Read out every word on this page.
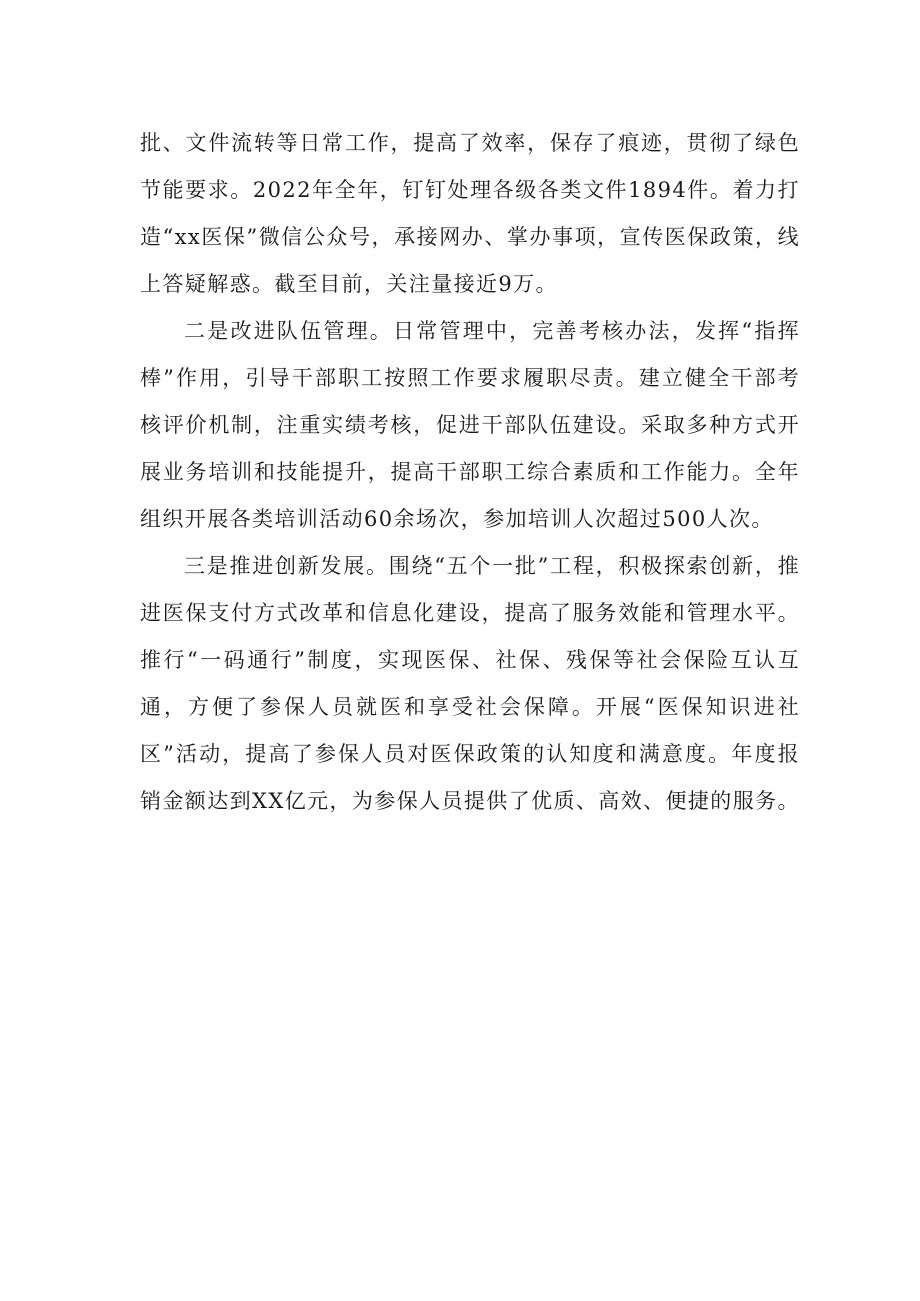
批、文件流转等日常工作，提高了效率，保存了痕迹，贯彻了绿色节能要求。2022年全年，钉钉处理各级各类文件1894件。着力打造“xx医保”微信公众号，承接网办、掌办事项，宣传医保政策，线上答疑解惑。截至目前，关注量接近9万。

二是改进队伍管理。日常管理中，完善考核办法，发挥“指挥棒”作用，引导干部职工按照工作要求履职尽责。建立健全干部考核评价机制，注重实绩考核，促进干部队伍建设。采取多种方式开展业务培训和技能提升，提高干部职工综合素质和工作能力。全年组织开展各类培训活动60余场次，参加培训人次超过500人次。

三是推进创新发展。围绕“五个一批”工程，积极探索创新，推进医保支付方式改革和信息化建设，提高了服务效能和管理水平。推行“一码通行”制度，实现医保、社保、残保等社会保险互认互通，方便了参保人员就医和享受社会保障。开展“医保知识进社区”活动，提高了参保人员对医保政策的认知度和满意度。年度报销金额达到XX亿元，为参保人员提供了优质、高效、便捷的服务。
